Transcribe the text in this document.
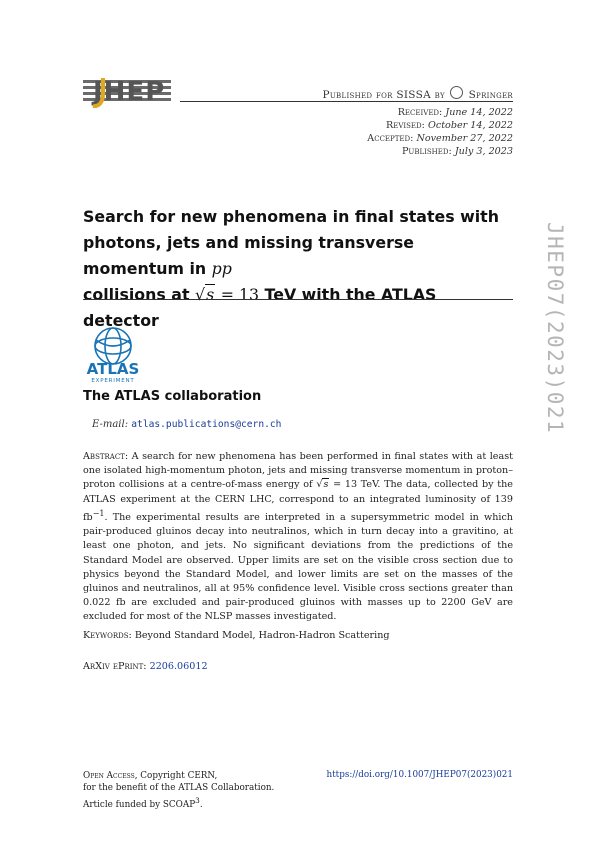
JHEP	Published for SISSA by Springer
Received: June 14, 2022
Revised: October 14, 2022
Accepted: November 27, 2022
Published: July 3, 2023
Search for new phenomena in final states with
photons, jets and missing transverse momentum in pp
collisions at √s = 13 TeV with the ATLAS detector	JHEP07(2023)021
ATLAS
EXPERIMENT
The ATLAS collaboration
E-mail: atlas.publications@cern.ch
Abstract: A search for new phenomena has been performed in final states with at least one isolated high-momentum photon, jets and missing transverse momentum in proton–proton collisions at a centre-of-mass energy of √s = 13 TeV. The data, collected by the ATLAS experiment at the CERN LHC, correspond to an integrated luminosity of 139 $fb^{-1}$. The experimental results are interpreted in a supersymmetric model in which pair-produced gluinos decay into neutralinos, which in turn decay into a gravitino, at least one photon, and jets. No significant deviations from the predictions of the Standard Model are observed. Upper limits are set on the visible cross section due to physics beyond the Standard Model, and lower limits are set on the masses of the gluinos and neutralinos, all at 95% confidence level. Visible cross sections greater than 0.022 fb are excluded and pair-produced gluinos with masses up to 2200 GeV are excluded for most of the NLSP masses investigated.
Keywords: Beyond Standard Model, Hadron-Hadron Scattering
ArXiv ePrint: 2206.06012
Open Access, Copyright CERN,
for the benefit of the ATLAS Collaboration.
Article funded by SCOAP$^3$.
https://doi.org/10.1007/JHEP07(2023)021
